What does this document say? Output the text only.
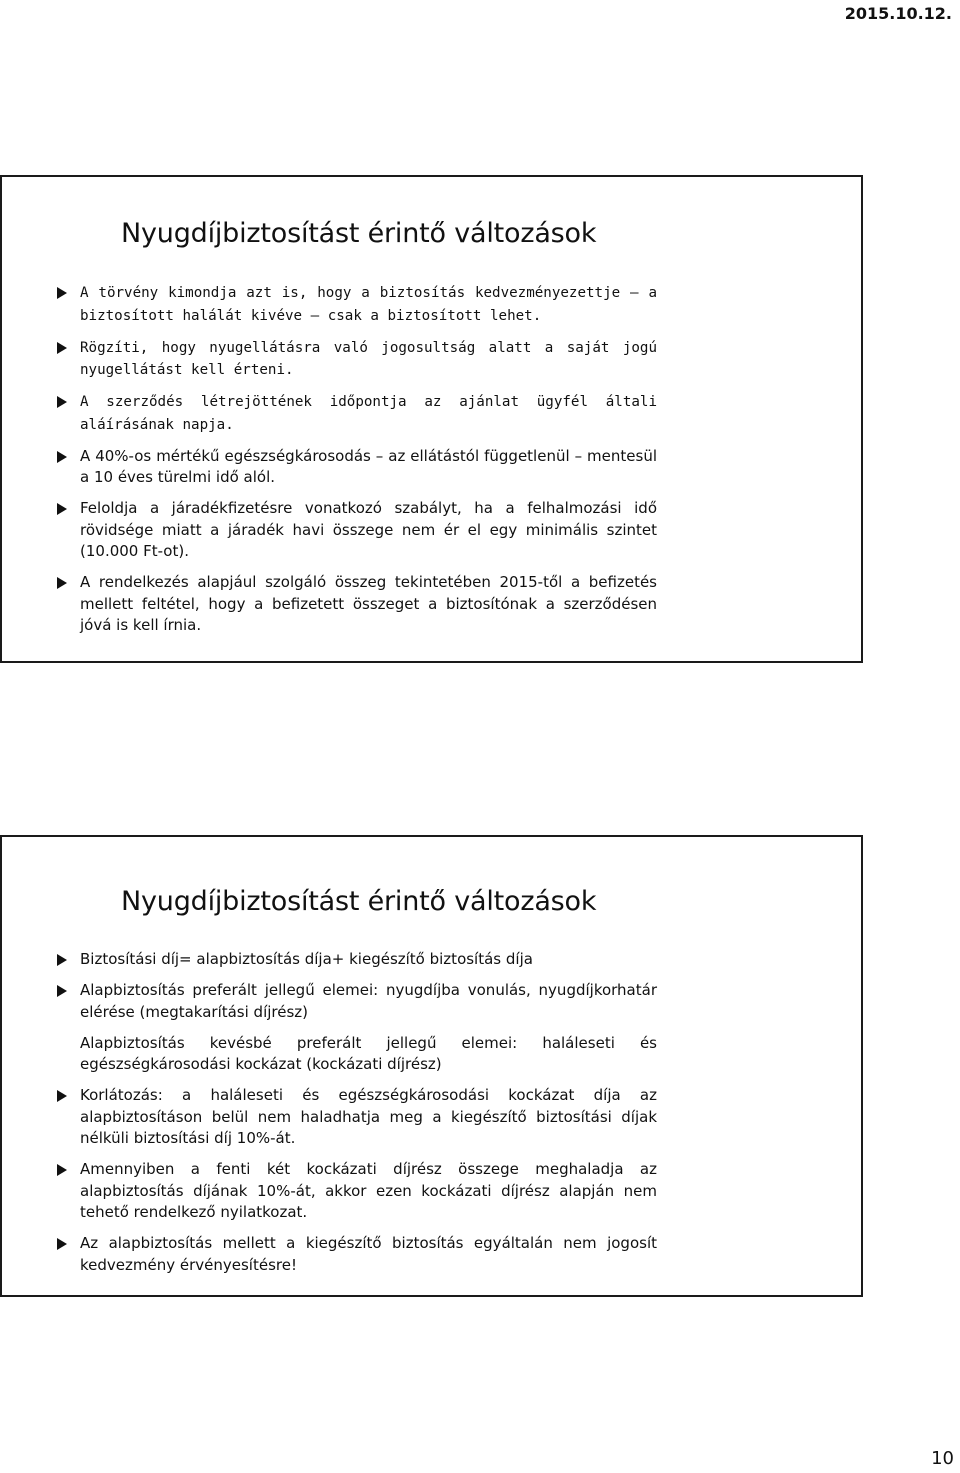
2015.10.12.
Nyugdíjbiztosítást érintő változások
A törvény kimondja azt is, hogy a biztosítás kedvezményezettje – a biztosított halálát kivéve – csak a biztosított lehet.
Rögzíti, hogy nyugellátásra való jogosultság alatt a saját jogú nyugellátást kell érteni.
A szerződés létrejöttének időpontja az ajánlat ügyfél általi aláírásának napja.
A 40%-os mértékű egészségkárosodás – az ellátástól függetlenül – mentesül a 10 éves türelmi idő alól.
Feloldja a járadékfizetésre vonatkozó szabályt, ha a felhalmozási idő rövidsége miatt a járadék havi összege nem ér el egy minimális szintet (10.000 Ft-ot).
A rendelkezés alapjául szolgáló összeg tekintetében 2015-től a befizetés mellett feltétel, hogy a befizetett összeget a biztosítónak a szerződésen jóvá is kell írnia.
Nyugdíjbiztosítást érintő változások
Biztosítási díj= alapbiztosítás díja+ kiegészítő biztosítás díja
Alapbiztosítás preferált jellegű elemei: nyugdíjba vonulás, nyugdíjkorhatár elérése (megtakarítási díjrész)
Alapbiztosítás kevésbé preferált jellegű elemei: haláleseti és egészségkárosodási kockázat (kockázati díjrész)
Korlátozás: a haláleseti és egészségkárosodási kockázat díja az alapbiztosításon belül nem haladhatja meg a kiegészítő biztosítási díjak nélküli biztosítási díj 10%-át.
Amennyiben a fenti két kockázati díjrész összege meghaladja az alapbiztosítás díjának 10%-át, akkor ezen kockázati díjrész alapján nem tehető rendelkező nyilatkozat.
Az alapbiztosítás mellett a kiegészítő biztosítás egyáltalán nem jogosít kedvezmény érvényesítésre!
10
